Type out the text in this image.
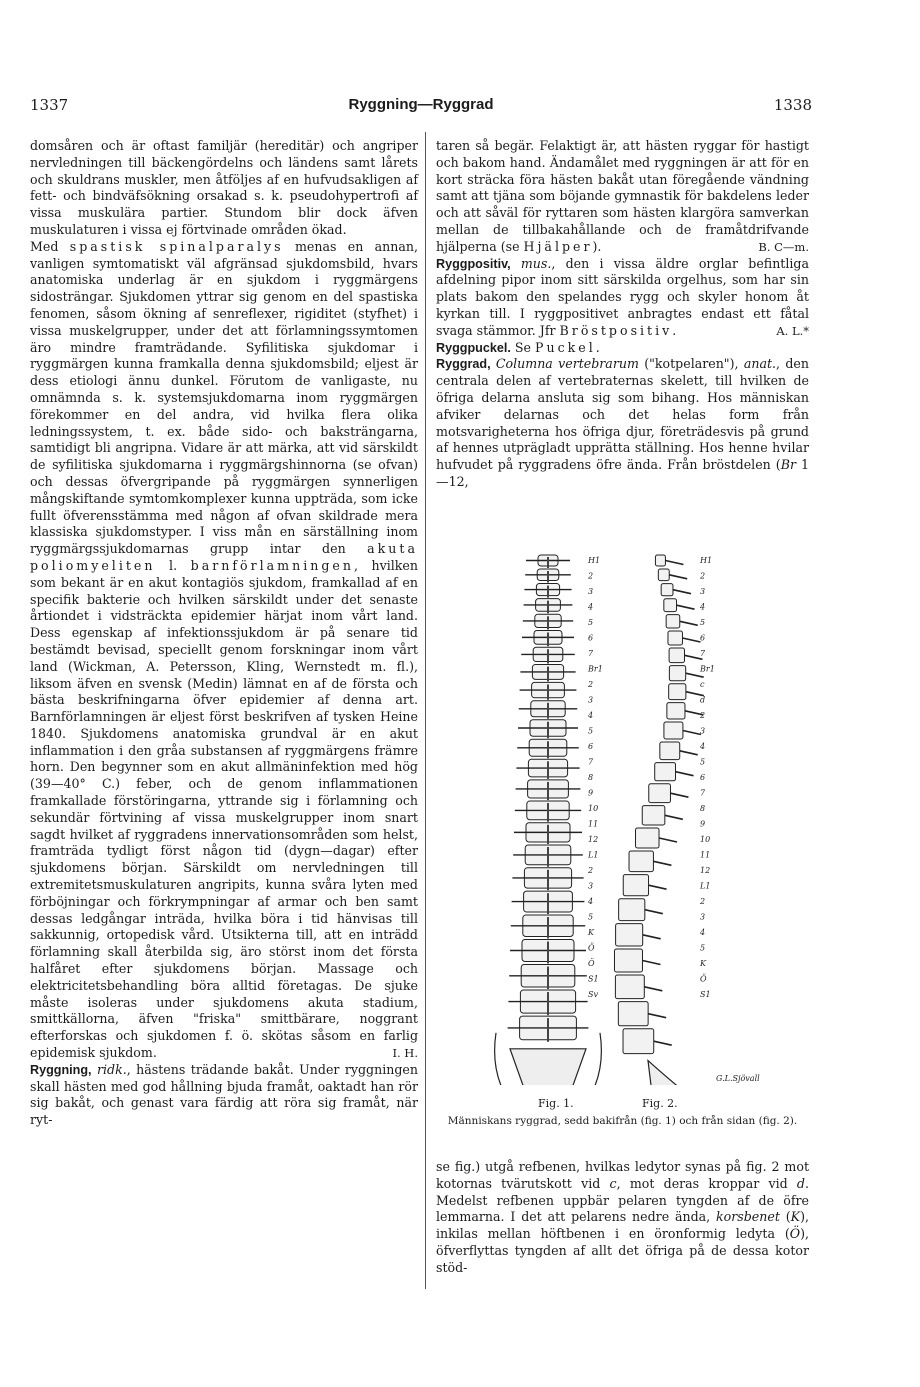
1337	Ryggning—Ryggrad	1338

domsåren och är oftast familjär (hereditär) och angriper nervledningen till bäckengördelns och ländens samt lårets och skuldrans muskler, men åtföljes af en hufvudsakligen af fett- och bindväfsökning orsakad s. k. pseudohypertrofi af vissa muskulära partier. Stundom blir dock äfven muskulaturen i vissa ej förtvinade områden ökad.

Med spastisk spinalparalys menas en annan, vanligen symtomatiskt väl afgränsad sjukdomsbild, hvars anatomiska underlag är en sjukdom i ryggmärgens sidosträngar. Sjukdomen yttrar sig genom en del spastiska fenomen, såsom ökning af senreflexer, rigiditet (styfhet) i vissa muskelgrupper, under det att förlamningssymtomen äro mindre framträdande. Syfilitiska sjukdomar i ryggmärgen kunna framkalla denna sjukdomsbild; eljest är dess etiologi ännu dunkel. Förutom de vanligaste, nu omnämnda s. k. systemsjukdomarna inom ryggmärgen förekommer en del andra, vid hvilka flera olika ledningssystem, t. ex. både sido- och baksträngarna, samtidigt bli angripna. Vidare är att märka, att vid särskildt de syfilitiska sjukdomarna i ryggmärgshinnorna (se ofvan) och dessas öfvergripande på ryggmärgen synnerligen mångskiftande symtomkomplexer kunna uppträda, som icke fullt öfverensstämma med någon af ofvan skildrade mera klassiska sjukdomstyper. I viss mån en särställning inom ryggmärgssjukdomarnas grupp intar den akuta poliomyeliten l. barnförlamningen, hvilken som bekant är en akut kontagiös sjukdom, framkallad af en specifik bakterie och hvilken särskildt under det senaste årtiondet i vidsträckta epidemier härjat inom vårt land. Dess egenskap af infektionssjukdom är på senare tid bestämdt bevisad, speciellt genom forskningar inom vårt land (Wickman, A. Petersson, Kling, Wernstedt m. fl.), liksom äfven en svensk (Medin) lämnat en af de första och bästa beskrifningarna öfver epidemier af denna art. Barnförlamningen är eljest först beskrifven af tysken Heine 1840. Sjukdomens anatomiska grundval är en akut inflammation i den gråa substansen af ryggmärgens främre horn. Den begynner som en akut allmäninfektion med hög (39—40° C.) feber, och de genom inflammationen framkallade förstöringarna, yttrande sig i förlamning och sekundär förtvining af vissa muskelgrupper inom snart sagdt hvilket af ryggradens innervationsområden som helst, framträda tydligt först någon tid (dygn—dagar) efter sjukdomens början. Särskildt om nervledningen till extremitetsmuskulaturen angripits, kunna svåra lyten med förböjningar och förkrympningar af armar och ben samt dessas ledgångar inträda, hvilka böra i tid hänvisas till sakkunnig, ortopedisk vård. Utsikterna till, att en inträdd förlamning skall återbilda sig, äro störst inom det första halfåret efter sjukdomens början. Massage och elektricitetsbehandling böra alltid företagas. De sjuke måste isoleras under sjukdomens akuta stadium, smittkällorna, äfven "friska" smittbärare, noggrant efterforskas och sjukdomen f. ö. skötas såsom en farlig epidemisk sjukdom.	I. H.

Ryggning, ridk., hästens trädande bakåt. Under ryggningen skall hästen med god hållning bjuda framåt, oaktadt han rör sig bakåt, och genast vara färdig att röra sig framåt, när ryt-

taren så begär. Felaktigt är, att hästen ryggar för hastigt och bakom hand. Ändamålet med ryggningen är att för en kort sträcka föra hästen bakåt utan föregående vändning samt att tjäna som böjande gymnastik för bakdelens leder och att såväl för ryttaren som hästen klargöra samverkan mellan de tillbakahållande och de framåtdrifvande hjälperna (se Hjälper).	B. C—m.

Ryggpositiv, mus., den i vissa äldre orglar befintliga afdelning pipor inom sitt särskilda orgelhus, som har sin plats bakom den spelandes rygg och skyler honom åt kyrkan till. I ryggpositivet anbragtes endast ett fåtal svaga stämmor. Jfr Bröstpositiv.	A. L.*

Ryggpuckel. Se Puckel.

Ryggrad, Columna vertebrarum ("kotpelaren"), anat., den centrala delen af vertebraternas skelett, till hvilken de öfriga delarna ansluta sig som bihang. Hos människan afviker delarnas och det helas form från motsvarigheterna hos öfriga djur, företrädesvis på grund af hennes utprägladt upprätta ställning. Hos henne hvilar hufvudet på ryggradens öfre ända. Från bröstdelen (Br 1—12,

H1
2
3
4
5
6
7
Br1
2
3
4
5
6
7
8
9
10
11
12
L1
2
3
4
5
K
Ö
Ö
S1
Sv
H1
2
3
4
5
6
7
Br1
c
d
2
3
4
5
6
7
8
9
10
11
12
L1
2
3
4
5
K
Ö
S1
G.L.Sjövall
Fig. 1.	Fig. 2.
Människans ryggrad, sedd bakifrån (fig. 1) och från sidan (fig. 2).

se fig.) utgå refbenen, hvilkas ledytor synas på fig. 2 mot kotornas tvärutskott vid c, mot deras kroppar vid d. Medelst refbenen uppbär pelaren tyngden af de öfre lemmarna. I det att pelarens nedre ända, korsbenet (K), inkilas mellan höftbenen i en öronformig ledyta (Ö), öfverflyttas tyngden af allt det öfriga på de dessa kotor stöd-
